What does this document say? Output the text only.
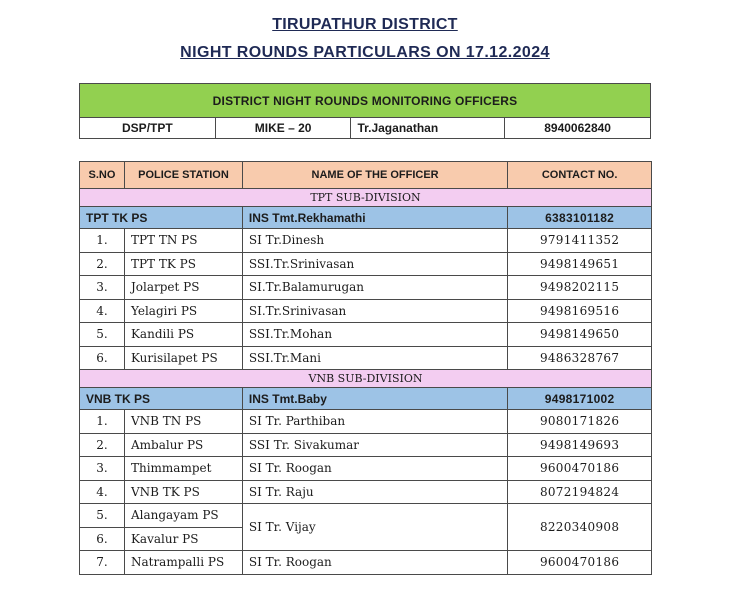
TIRUPATHUR DISTRICT
NIGHT ROUNDS PARTICULARS ON 17.12.2024
DISTRICT NIGHT ROUNDS MONITORING OFFICERS
DSP/TPT	MIKE – 20	Tr.Jaganathan	8940062840
S.NO	POLICE STATION	NAME OF THE OFFICER	CONTACT NO.
TPT SUB-DIVISION			
TPT TK PS		INS Tmt.Rekhamathi	6383101182
1.	TPT TN PS	SI Tr.Dinesh	9791411352
2.	TPT TK PS	SSI.Tr.Srinivasan	9498149651
3.	Jolarpet PS	SI.Tr.Balamurugan	9498202115
4.	Yelagiri PS	SI.Tr.Srinivasan	9498169516
5.	Kandili PS	SSI.Tr.Mohan	9498149650
6.	Kurisilapet PS	SSI.Tr.Mani	9486328767
VNB SUB-DIVISION			
VNB TK PS		INS Tmt.Baby	9498171002
1.	VNB TN PS	SI Tr. Parthiban	9080171826
2.	Ambalur PS	SSI Tr. Sivakumar	9498149693
3.	Thimmampet	SI Tr. Roogan	9600470186
4.	VNB TK PS	SI Tr. Raju	8072194824
5.	Alangayam PS	SI Tr. Vijay	8220340908
6.	Kavalur PS		
7.	Natrampalli PS	SI Tr. Roogan	9600470186
